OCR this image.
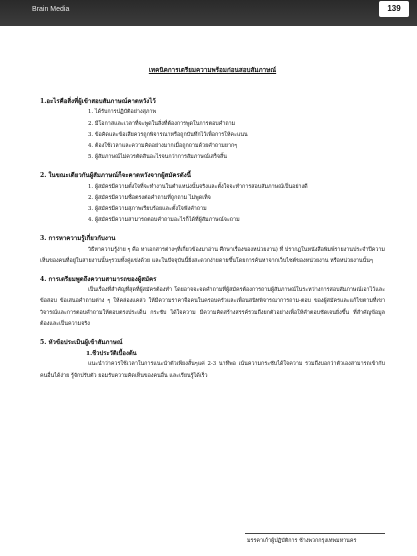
Brain Media	139
เทคนิคการเตรียมความพร้อมก่อนสอบสัมภาษณ์
1.อะไรคือสิ่งที่ผู้เข้าสอบสัมภาษณ์คาดหวังไว้
1. ได้รับการปฏิบัติอย่างสุภาพ
2. มีโอกาสและเวลาที่จะพูดในสิ่งที่ต้องการพูดในการตอบคำถาม
3. ข้อคิดและข้อเสียควรถูกพิจารณาหรือถูกบันทึกไว้เพื่อการให้คะแนน
4. ต้องใช้เวลาและความคิดอย่างมากเมื่อถูกถามด้วยคำถามยากๆ
5. ผู้สัมภาษณ์ไม่ควรตัดสินอะไรจนกว่าการสัมภาษณ์เสร็จสิ้น
2. ในขณะเดียวกันผู้สัมภาษณ์ก็จะคาดหวังจากผู้สมัครดังนี้
1. ผู้สมัครมีความตั้งใจที่จะทำงานในตำแหน่งนั้นจริงและตั้งใจจะทำการสอบสัมภาษณ์เป็นอย่างดี
2. ผู้สมัครมีความซื่อตรงต่อคำถามที่ถูกถาม ไม่พูดเท็จ
3. ผู้สมัครมีความสุภาพเรียบร้อยและตั้งใจฟังคำถาม
4. ผู้สมัครมีความสามารถตอบคำถามอะไรก็ได้ที่ผู้สัมภาษณ์จะถาม
3. การหาความรู้เกี่ยวกับงาน
วิธีหาความรู้ง่าย ๆ คือ หาเอกสารต่างๆที่เกี่ยวข้องมาอ่าน ศึกษาเรื่องของหน่วยงาน) ที่ ปรากฏในหนังสือพิมพ์รายงานประจำปีความเห็นของคนที่อยู่ในสายงานนั้นๆรวมทั้งคู่แข่งด้วย และในปัจจุบันนี้ยิ่งสะดวกง่ายดายขึ้นโดยการค้นหาจากเว็บไซต์ของหน่วยงาน หรือหน่วยงานนั้นๆ
4. การเตรียมพูดถึงความสามารถของผู้สมัคร
เป็นเรื่องที่สำคัญที่สุดที่ผู้สมัครต้องทำ โดยอาจจะจดคำถามที่ผู้สมัครต้องการถามผู้สัมภาษณ์ในระหว่างการสอบสัมภาษณ์เอาไว้และข้อสอบ ข้อเสนอคำถามต่าง ๆ ให้คล่องแคล่ว ให้มีความราคาจือคนในครอบครัวและเพื่อนสนิทพิจารณาการถาม-ตอบ ของผู้สมัครและแก้ไขตามที่เขาวิจารณ์และการตอบคำถามให้ตอบตรงประเด็น กระชับ ได้ใจความ มีความคิดสร้างสรรค์รวมถึงยกตัวอย่างเพื่อให้คำตอบชัดเจนยิ่งขึ้น ที่สำคัญข้อมูลต้องและเป็นความจริง
5. หัวข้อประเมินผู้เข้าสัมภาษณ์
1.ชีวประวัติเบื้องต้น
แนะนำว่าควรใช้เวลาในการแนะนำตัวเพียงสั้นๆแค่ 2-3 นาทีพอ เน้นความกระชับได้ใจความ รวมถึงบอกว่าตัวเองสามารถเข้ากับคนอื่นได้ง่าย รู้จักปรับตัว ยอมรับความคิดเห็นของคนอื่น และเรียนรู้ได้เร็ว
มรรคาเก้าผู้ปฏิบัติการ ช้างพวกกรุงเทพมหานคร
